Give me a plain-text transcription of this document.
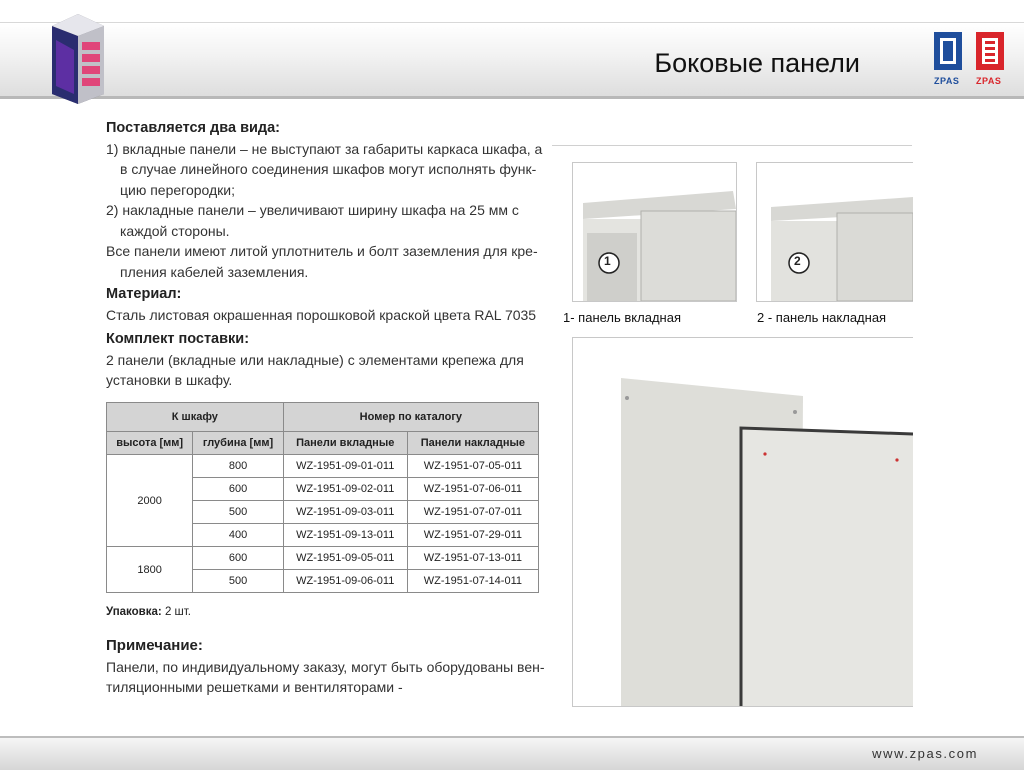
Боковые панели
ZPAS ZPAS
Поставляется два вида:
1) вкладные панели – не выступают за габариты каркаса шкафа, а
в случае линейного соединения шкафов могут исполнять функ-
цию перегородки;
2) накладные панели – увеличивают ширину шкафа на 25 мм с
каждой стороны.
Все панели имеют литой уплотнитель и болт заземления для кре-
пления кабелей заземления.
Материал:
Сталь листовая окрашенная порошковой краской цвета RAL 7035
Комплект поставки:
2 панели (вкладные или накладные) с элементами крепежа для
установки в шкафу.
К шкафу		Номер по каталогу	
высота [мм]	глубина [мм]	Панели вкладные	Панели накладные
2000	800	WZ-1951-09-01-011	WZ-1951-07-05-011
	600	WZ-1951-09-02-011	WZ-1951-07-06-011
	500	WZ-1951-09-03-011	WZ-1951-07-07-011
	400	WZ-1951-09-13-011	WZ-1951-07-29-011
1800	600	WZ-1951-09-05-011	WZ-1951-07-13-011
	500	WZ-1951-09-06-011	WZ-1951-07-14-011
Упаковка: 2 шт.
Примечание:
Панели, по индивидуальному заказу, могут быть оборудованы вен-
тиляционными решетками и вентиляторами -
1	2
1- панель вкладная	2 - панель накладная
www.zpas.com
